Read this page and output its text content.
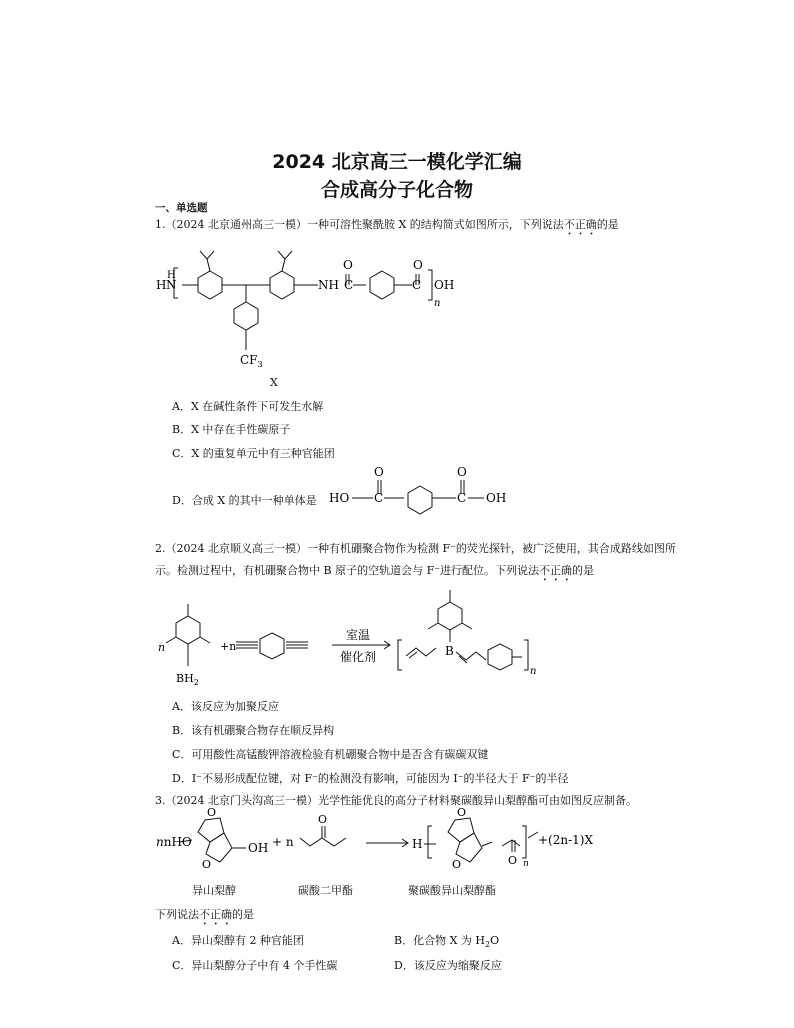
2024 北京高三一模化学汇编
合成高分子化合物
一、单选题
1.（2024 北京通州高三一模）一种可溶性聚酰胺 X 的结构简式如图所示，下列说法不正确的是
H
H
N	NH
O
C
O
C OH
n
$CF_3$
X
A．X 在碱性条件下可发生水解
B．X 中存在手性碳原子
C．X 的重复单元中有三种官能团
D．合成 X 的其中一种单体是 HO
O
C
O
C OH
2.（2024 北京顺义高三一模）一种有机硼聚合物作为检测 F⁻的荧光探针，被广泛使用，其合成路线如图所
示。检测过程中，有机硼聚合物中 B 原子的空轨道会与 F⁻进行配位。下列说法不正确的是
n
$BH_2$
+n
室温
催化剂	B
n
A．该反应为加聚反应
B．该有机硼聚合物存在顺反异构
C．可用酸性高锰酸钾溶液检验有机硼聚合物中是否含有碳碳双键
D．I⁻不易形成配位键，对 F⁻的检测没有影响，可能因为 I⁻的半径大于 F⁻的半径
3.（2024 北京门头沟高三一模）光学性能优良的高分子材料聚碳酸异山梨醇酯可由如图反应制备。
nnHO
O
O
OH + n
O
H
O
O	O n
+(2n-1)X
异山梨醇	碳酸二甲酯	聚碳酸异山梨醇酯
下列说法不正确的是
A．异山梨醇有 2 种官能团	B．化合物 X 为 $H_2O$
C．异山梨醇分子中有 4 个手性碳	D．该反应为缩聚反应
